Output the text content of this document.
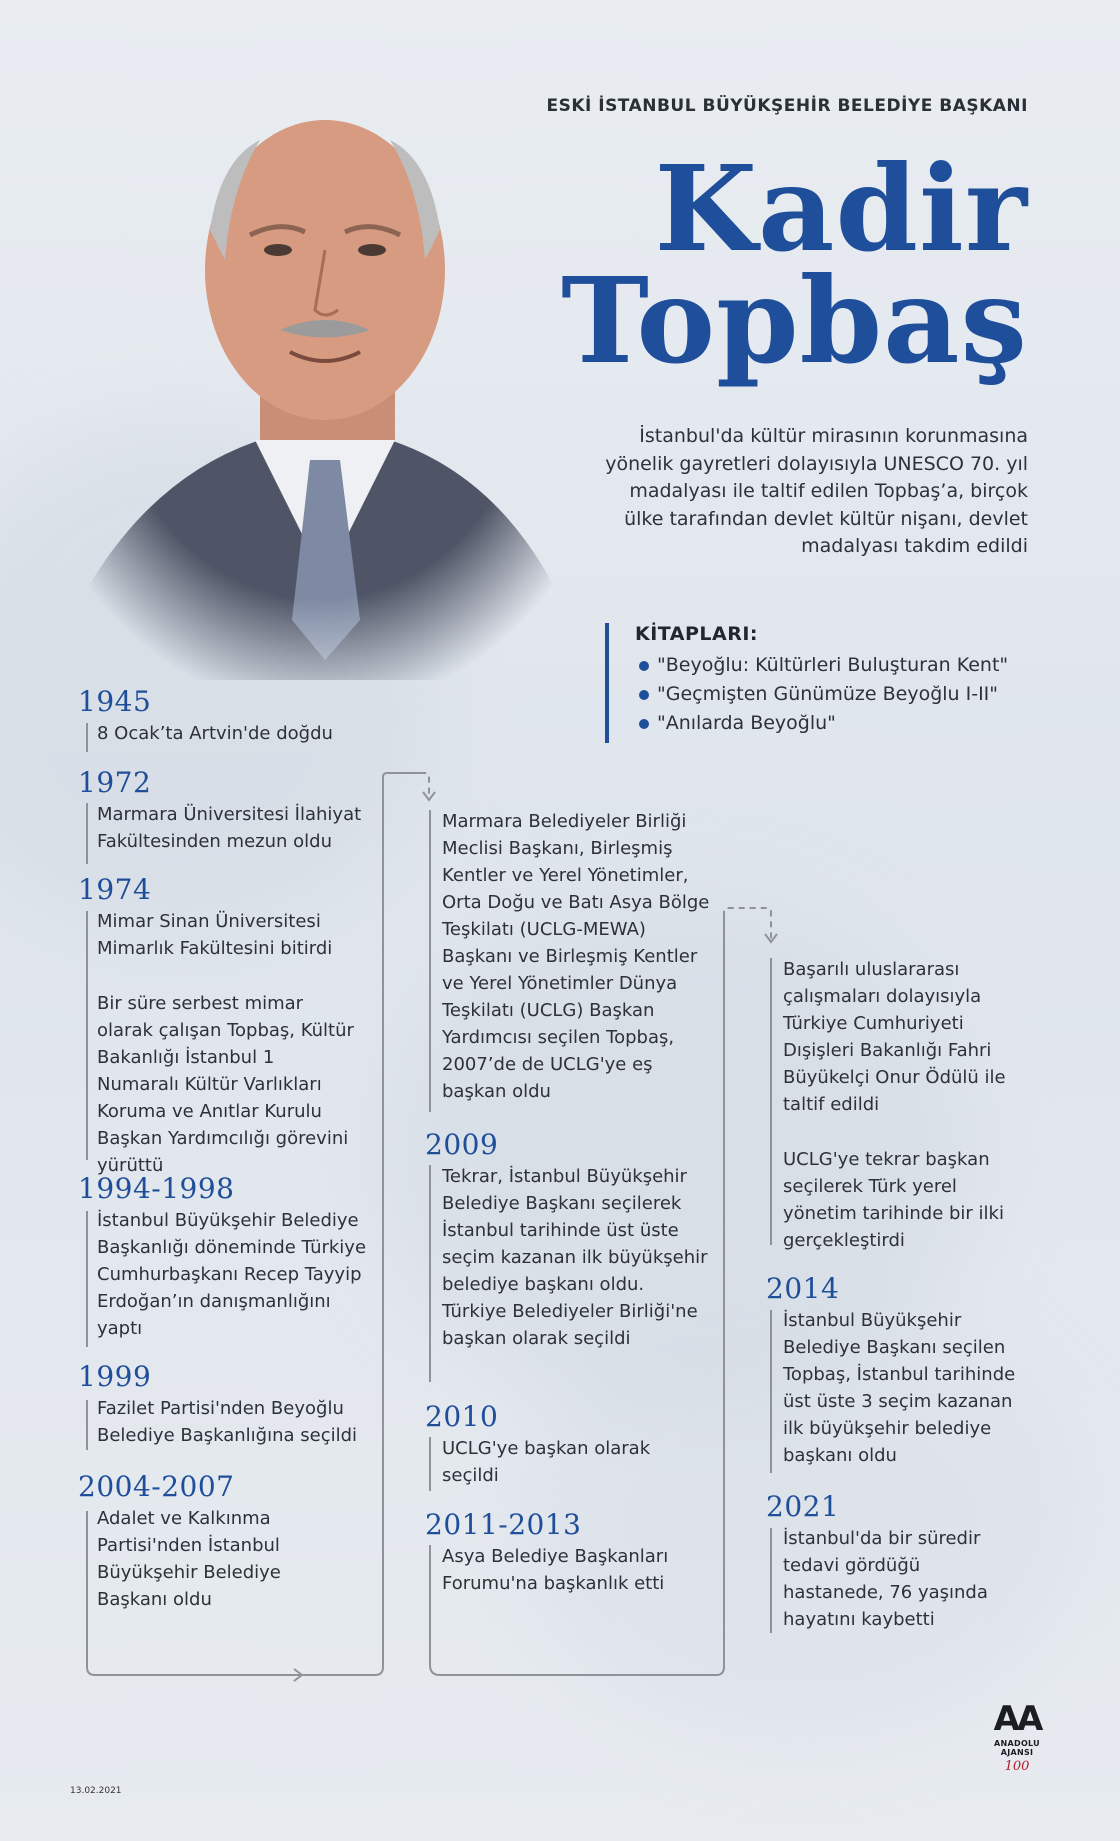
ESKİ İSTANBUL BÜYÜKŞEHİR BELEDİYE BAŞKANI
Kadir
Topbaş
İstanbul'da kültür mirasının korunmasına yönelik gayretleri dolayısıyla UNESCO 70. yıl madalyası ile taltif edilen Topbaş’a, birçok ülke tarafından devlet kültür nişanı, devlet madalyası takdim edildi
KİTAPLARI:
"Beyoğlu: Kültürleri Buluşturan Kent"
"Geçmişten Günümüze Beyoğlu I-II"
"Anılarda Beyoğlu"
1945
8 Ocak’ta Artvin'de doğdu
1972
Marmara Üniversitesi İlahiyat Fakültesinden mezun oldu
1974
Mimar Sinan Üniversitesi Mimarlık Fakültesini bitirdi
Bir süre serbest mimar olarak çalışan Topbaş, Kültür Bakanlığı İstanbul 1 Numaralı Kültür Varlıkları Koruma ve Anıtlar Kurulu Başkan Yardımcılığı görevini yürüttü
1994-1998
İstanbul Büyükşehir Belediye Başkanlığı döneminde Türkiye Cumhurbaşkanı Recep Tayyip Erdoğan’ın danışmanlığını yaptı
1999
Fazilet Partisi'nden Beyoğlu Belediye Başkanlığına seçildi
2004-2007
Adalet ve Kalkınma Partisi'nden İstanbul Büyükşehir Belediye Başkanı oldu
Marmara Belediyeler Birliği Meclisi Başkanı, Birleşmiş Kentler ve Yerel Yönetimler, Orta Doğu ve Batı Asya Bölge Teşkilatı (UCLG-MEWA) Başkanı ve Birleşmiş Kentler ve Yerel Yönetimler Dünya Teşkilatı (UCLG) Başkan Yardımcısı seçilen Topbaş, 2007’de de UCLG'ye eş başkan oldu
2009
Tekrar, İstanbul Büyükşehir Belediye Başkanı seçilerek İstanbul tarihinde üst üste seçim kazanan ilk büyükşehir belediye başkanı oldu. Türkiye Belediyeler Birliği'ne başkan olarak seçildi
2010
UCLG'ye başkan olarak seçildi
2011-2013
Asya Belediye Başkanları Forumu'na başkanlık etti
Başarılı uluslararası çalışmaları dolayısıyla Türkiye Cumhuriyeti Dışişleri Bakanlığı Fahri Büyükelçi Onur Ödülü ile taltif edildi
UCLG'ye tekrar başkan seçilerek Türk yerel yönetim tarihinde bir ilki gerçekleştirdi
2014
İstanbul Büyükşehir Belediye Başkanı seçilen Topbaş, İstanbul tarihinde üst üste 3 seçim kazanan ilk büyükşehir belediye başkanı oldu
2021
İstanbul'da bir süredir tedavi gördüğü hastanede, 76 yaşında hayatını kaybetti
13.02.2021
AA
ANADOLU AJANSI
100
